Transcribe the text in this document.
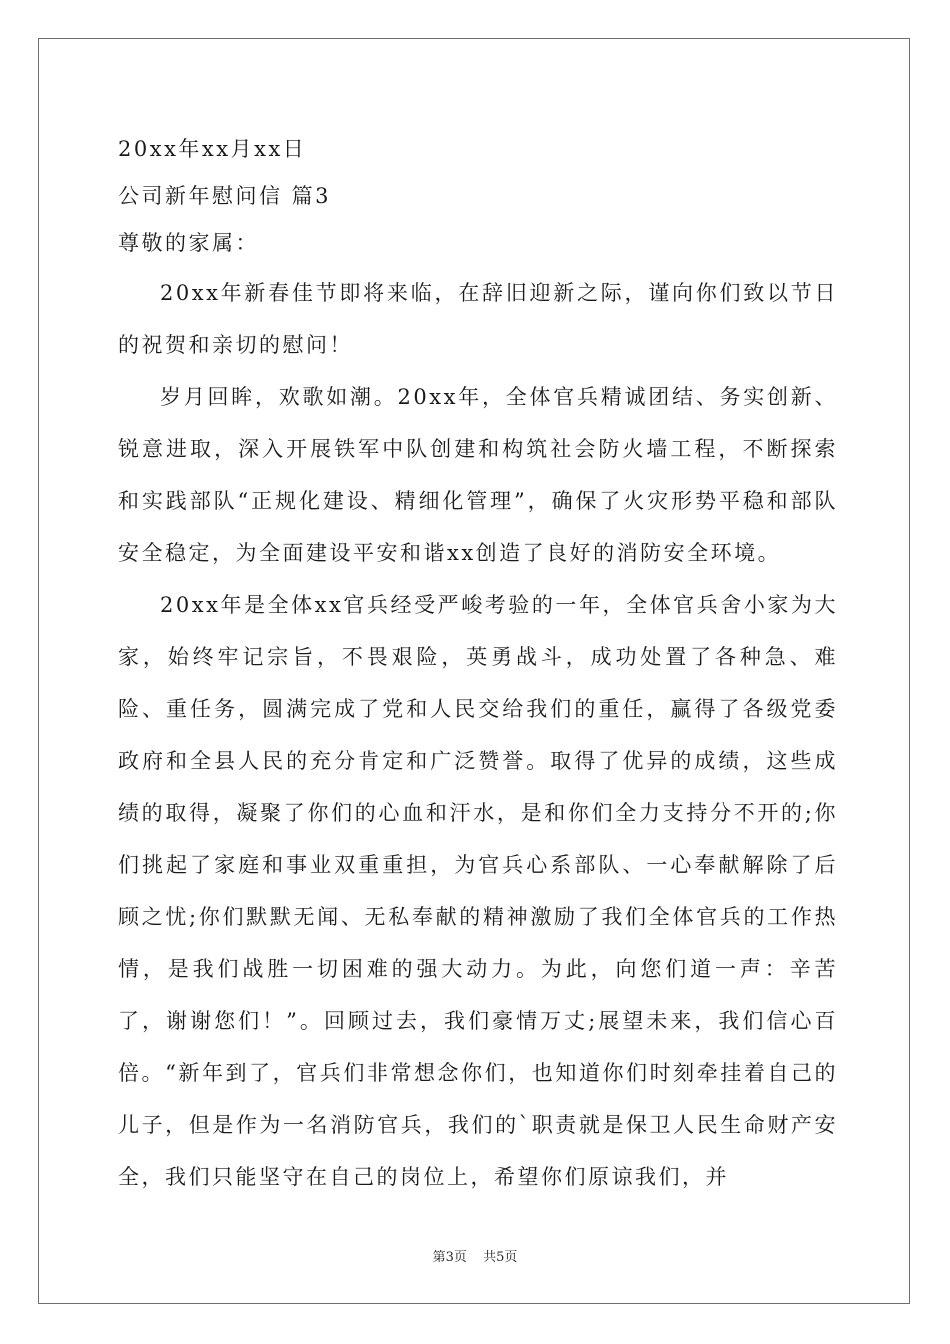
20xx年xx月xx日
公司新年慰问信 篇3
尊敬的家属：

20xx年新春佳节即将来临，在辞旧迎新之际，谨向你们致以节日的祝贺和亲切的慰问！

岁月回眸，欢歌如潮。20xx年，全体官兵精诚团结、务实创新、锐意进取，深入开展铁军中队创建和构筑社会防火墙工程，不断探索和实践部队“正规化建设、精细化管理”，确保了火灾形势平稳和部队安全稳定，为全面建设平安和谐xx创造了良好的消防安全环境。

20xx年是全体xx官兵经受严峻考验的一年，全体官兵舍小家为大家，始终牢记宗旨，不畏艰险，英勇战斗，成功处置了各种急、难险、重任务，圆满完成了党和人民交给我们的重任，赢得了各级党委政府和全县人民的充分肯定和广泛赞誉。取得了优异的成绩，这些成绩的取得，凝聚了你们的心血和汗水，是和你们全力支持分不开的;你们挑起了家庭和事业双重重担，为官兵心系部队、一心奉献解除了后顾之忧;你们默默无闻、无私奉献的精神激励了我们全体官兵的工作热情，是我们战胜一切困难的强大动力。为此，向您们道一声：辛苦了，谢谢您们！”。回顾过去，我们豪情万丈;展望未来，我们信心百倍。“新年到了，官兵们非常想念你们，也知道你们时刻牵挂着自己的儿子，但是作为一名消防官兵，我们的`职责就是保卫人民生命财产安全，我们只能坚守在自己的岗位上，希望你们原谅我们，并

第3页 共5页
